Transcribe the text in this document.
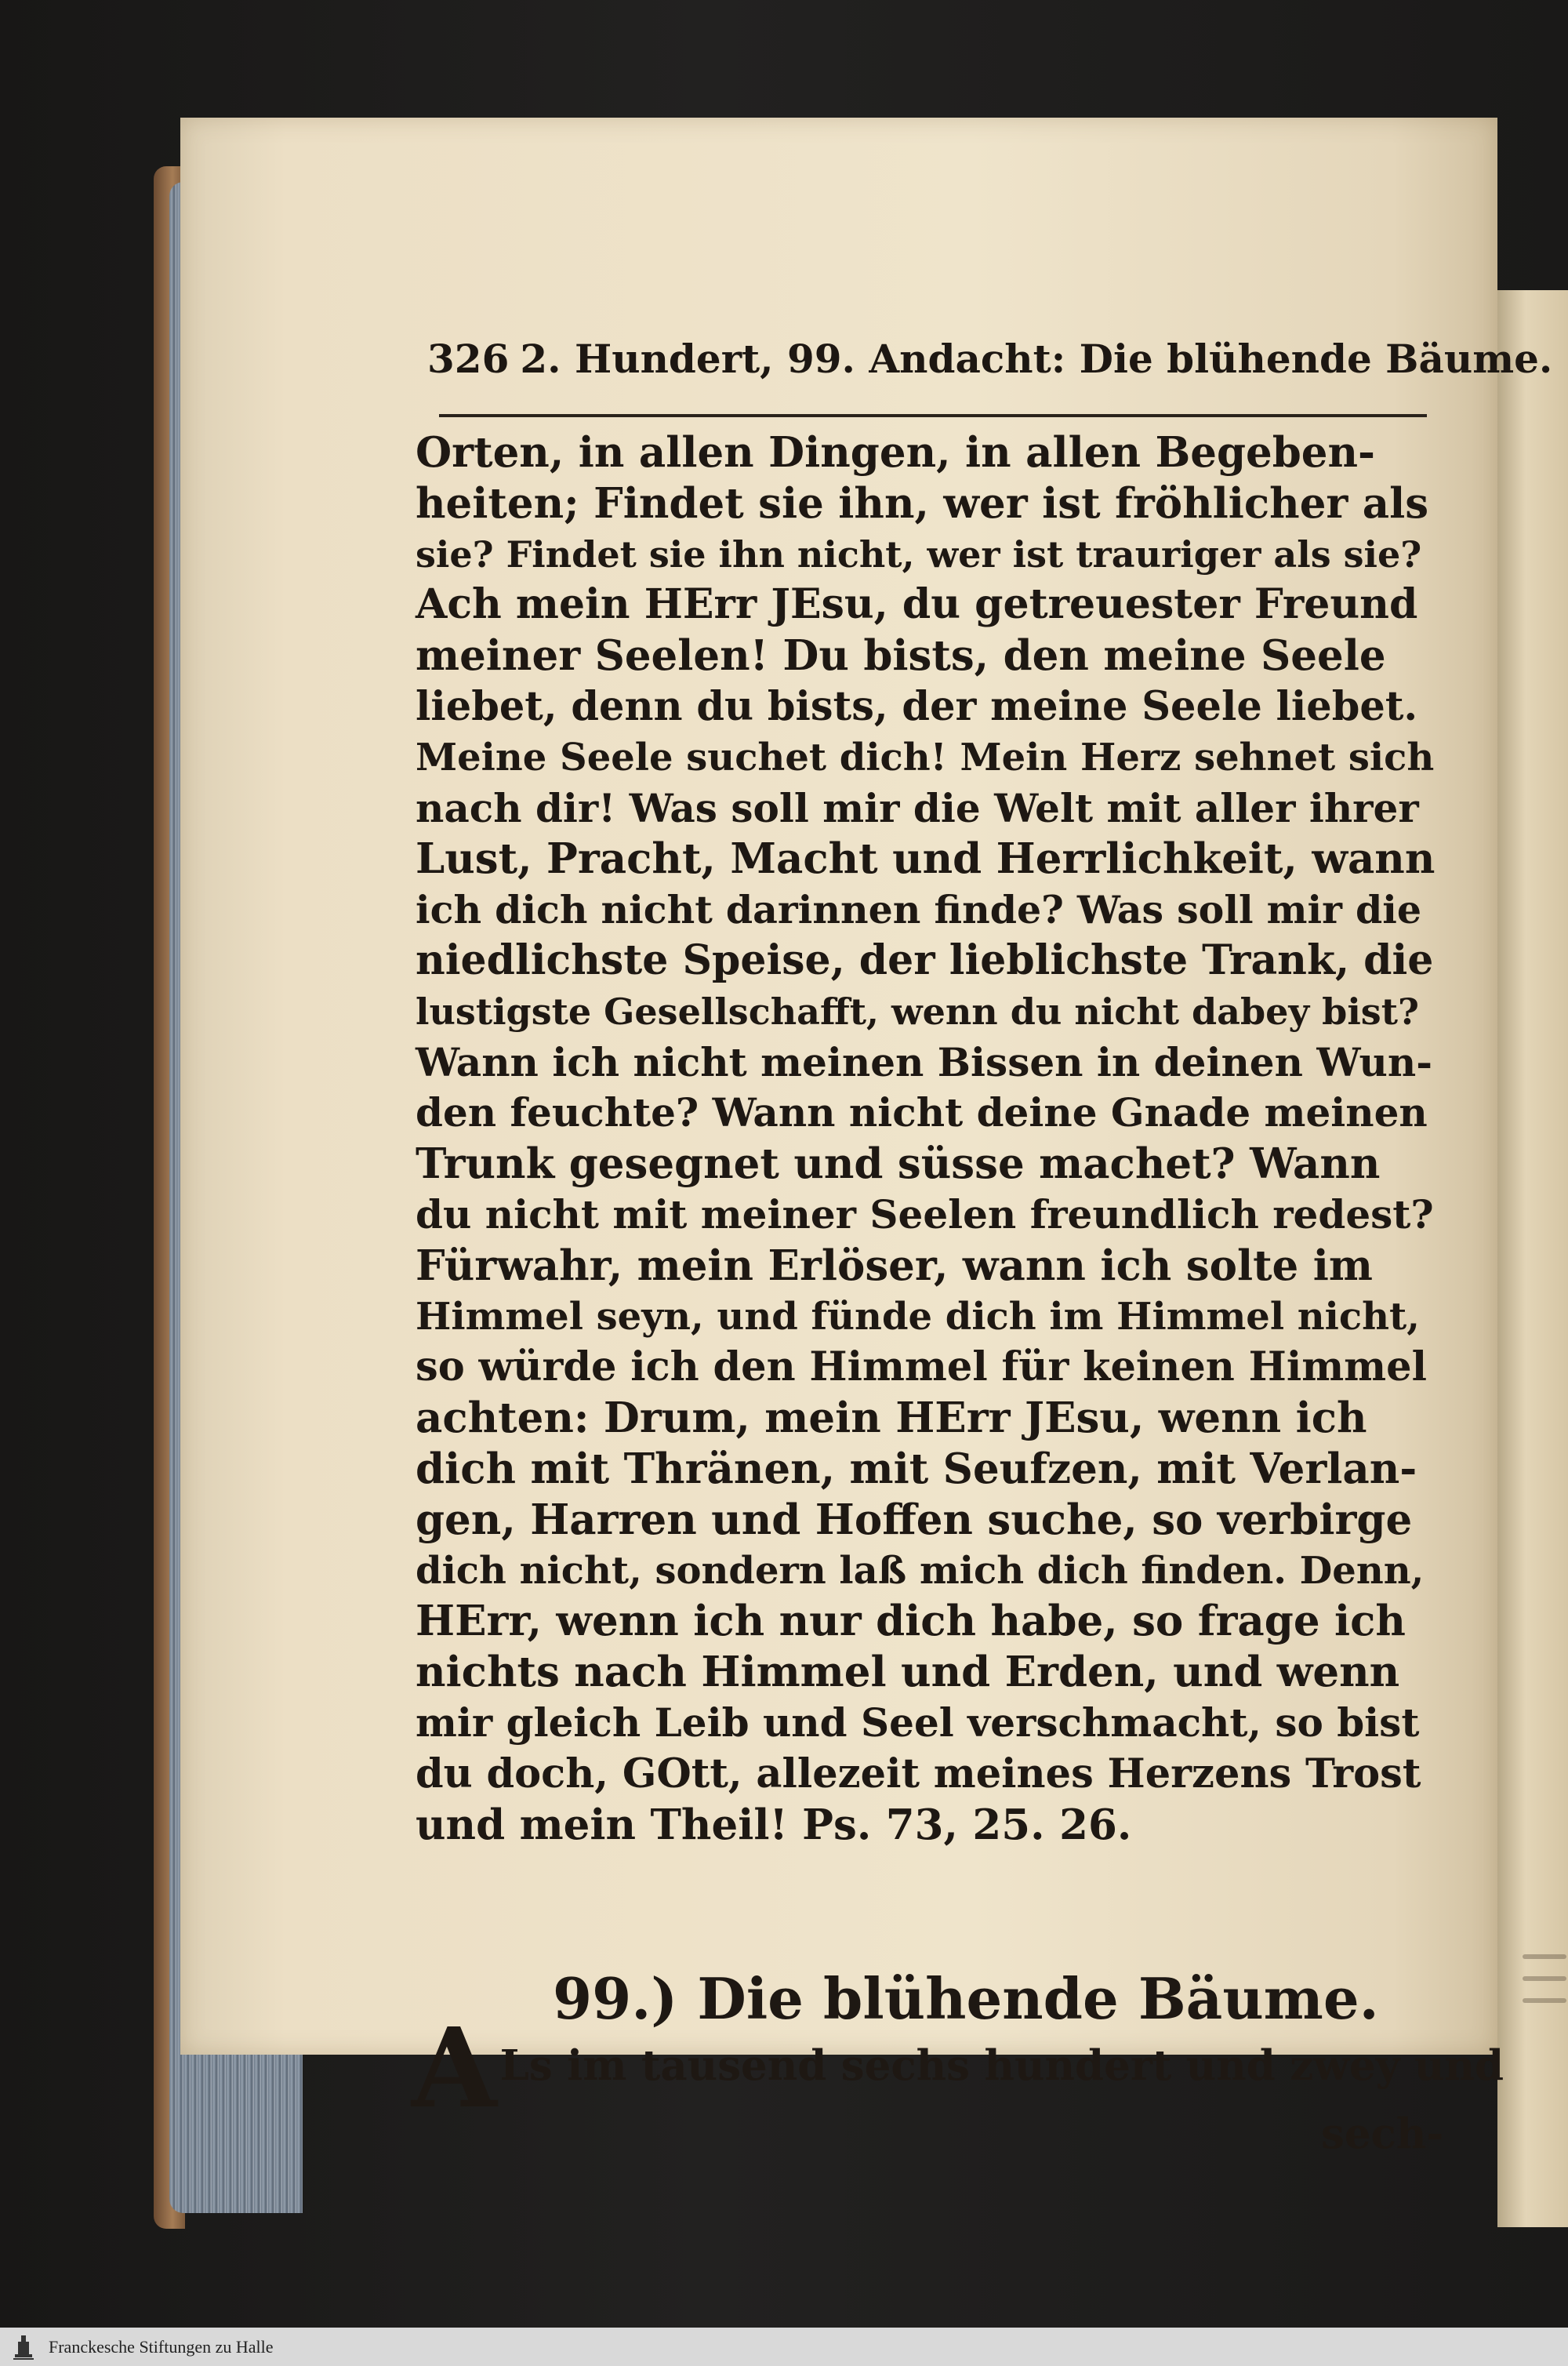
326 2. Hundert, 99. Andacht: Die blühende Bäume.
Orten, in allen Dingen, in allen Begeben-
heiten; Findet sie ihn, wer ist fröhlicher als
sie? Findet sie ihn nicht, wer ist trauriger als sie?
Ach mein HErr JEsu, du getreuester Freund
meiner Seelen! Du bists, den meine Seele
liebet, denn du bists, der meine Seele liebet.
Meine Seele suchet dich! Mein Herz sehnet sich
nach dir! Was soll mir die Welt mit aller ihrer
Lust, Pracht, Macht und Herrlichkeit, wann
ich dich nicht darinnen finde? Was soll mir die
niedlichste Speise, der lieblichste Trank, die
lustigste Gesellschafft, wenn du nicht dabey bist?
Wann ich nicht meinen Bissen in deinen Wun-
den feuchte? Wann nicht deine Gnade meinen
Trunk gesegnet und süsse machet? Wann
du nicht mit meiner Seelen freundlich redest?
Fürwahr, mein Erlöser, wann ich solte im
Himmel seyn, und fünde dich im Himmel nicht,
so würde ich den Himmel für keinen Himmel
achten: Drum, mein HErr JEsu, wenn ich
dich mit Thränen, mit Seufzen, mit Verlan-
gen, Harren und Hoffen suche, so verbirge
dich nicht, sondern laß mich dich finden. Denn,
HErr, wenn ich nur dich habe, so frage ich
nichts nach Himmel und Erden, und wenn
mir gleich Leib und Seel verschmacht, so bist
du doch, GOtt, allezeit meines Herzens Trost
und mein Theil! Ps. 73, 25. 26.
99.) Die blühende Bäume.
ALs im tausend sechs hundert und zwey und
sech-
Franckesche Stiftungen zu Halle
